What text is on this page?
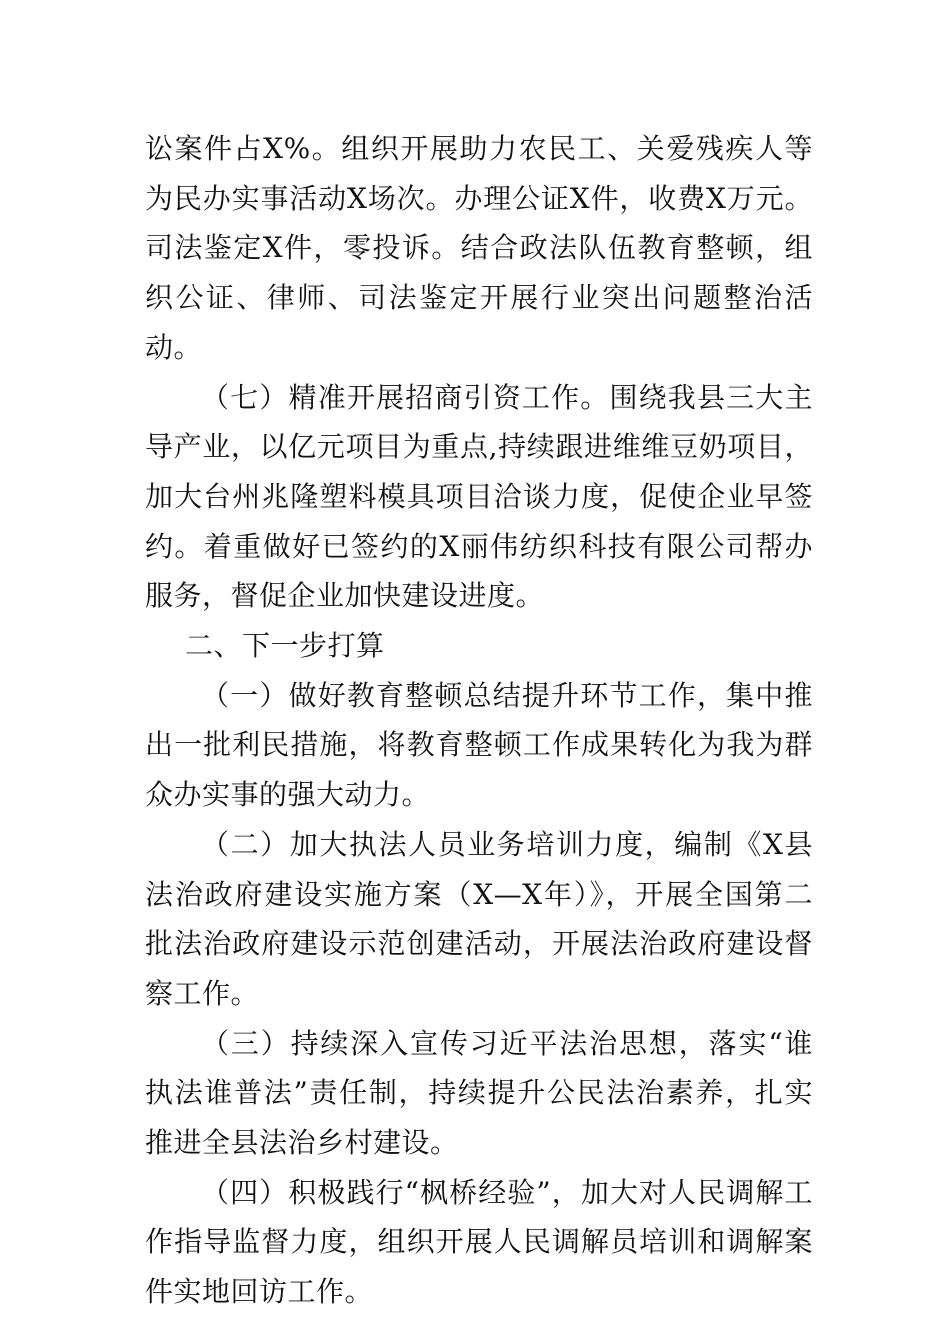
讼案件占X%。组织开展助力农民工、关爱残疾人等为民办实事活动X场次。办理公证X件，收费X万元。司法鉴定X件，零投诉。结合政法队伍教育整顿，组织公证、律师、司法鉴定开展行业突出问题整治活动。

（七）精准开展招商引资工作。围绕我县三大主导产业，以亿元项目为重点,持续跟进维维豆奶项目，加大台州兆隆塑料模具项目洽谈力度，促使企业早签约。着重做好已签约的X丽伟纺织科技有限公司帮办服务，督促企业加快建设进度。

二、下一步打算

（一）做好教育整顿总结提升环节工作，集中推出一批利民措施，将教育整顿工作成果转化为我为群众办实事的强大动力。

（二）加大执法人员业务培训力度，编制《X县法治政府建设实施方案（X—X年）》，开展全国第二批法治政府建设示范创建活动，开展法治政府建设督察工作。

（三）持续深入宣传习近平法治思想，落实“谁执法谁普法”责任制，持续提升公民法治素养，扎实推进全县法治乡村建设。

（四）积极践行“枫桥经验”，加大对人民调解工作指导监督力度，组织开展人民调解员培训和调解案件实地回访工作。
